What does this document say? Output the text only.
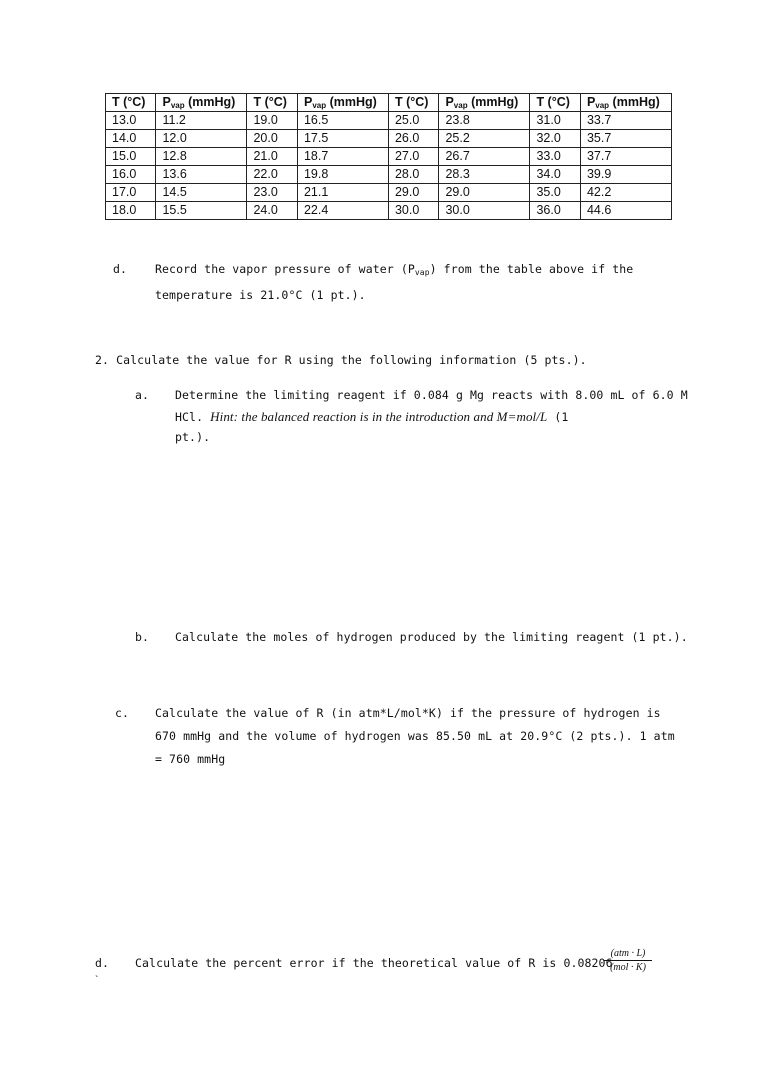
T (°C)	$P_{vap}$ (mmHg)	T (°C)	$P_{vap}$ (mmHg)	T (°C)	$P_{vap}$ (mmHg)	T (°C)	$P_{vap}$ (mmHg)
13.0	11.2	19.0	16.5	25.0	23.8	31.0	33.7
14.0	12.0	20.0	17.5	26.0	25.2	32.0	35.7
15.0	12.8	21.0	18.7	27.0	26.7	33.0	37.7
16.0	13.6	22.0	19.8	28.0	28.3	34.0	39.9
17.0	14.5	23.0	21.1	29.0	29.0	35.0	42.2
18.0	15.5	24.0	22.4	30.0	30.0	36.0	44.6
d. Record the vapor pressure of water $(P_{vap})$ from the table above if the
temperature is 21.0°C (1 pt.).
2. Calculate the value for R using the following information (5 pts.).
a. Determine the limiting reagent if 0.084 g Mg reacts with 8.00 mL of 6.0 M
HCl. Hint: the balanced reaction is in the introduction and M=mol/L (1
pt.).
b. Calculate the moles of hydrogen produced by the limiting reagent (1 pt.).
c. Calculate the value of R (in atm*L/mol*K) if the pressure of hydrogen is
670 mmHg and the volume of hydrogen was 85.50 mL at 20.9°C (2 pts.). 1 atm
= 760 mmHg
d. Calculate the percent error if the theoretical value of R is 0.08206
(atm · L)
(mol · K)
`
